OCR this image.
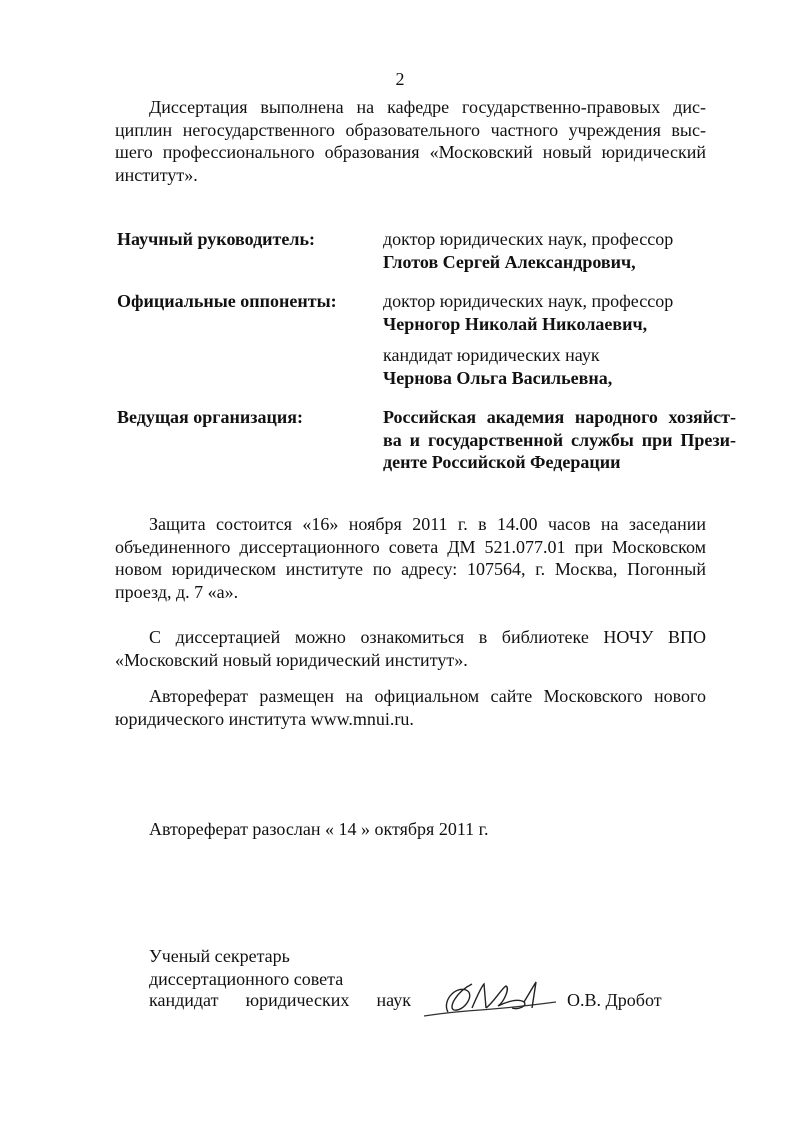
2

Диссертация выполнена на кафедре государственно-правовых дис-
циплин негосударственного образовательного частного учреждения выс-
шего профессионального образования «Московский новый юридический
институт».

Научный руководитель:	доктор юридических наук, профессор
Глотов Сергей Александрович,
Официальные оппоненты:	доктор юридических наук, профессор
Черногор Николай Николаевич,
кандидат юридических наук
Чернова Ольга Васильевна,
Ведущая организация:	Российская академия народного хозяйст-
ва и государственной службы при Прези-
денте Российской Федерации

Защита состоится «16» ноября 2011 г. в 14.00 часов на заседании
объединенного диссертационного совета ДМ 521.077.01 при Московском
новом юридическом институте по адресу: 107564, г. Москва, Погонный
проезд, д. 7 «а».

С диссертацией можно ознакомиться в библиотеке НОЧУ ВПО
«Московский новый юридический институт».

Автореферат размещен на официальном сайте Московского нового
юридического института www.mnui.ru.

Автореферат разослан « 14 » октября 2011 г.
Ученый секретарь
диссертационного совета
кандидат юридических наук	О.В. Дробот
